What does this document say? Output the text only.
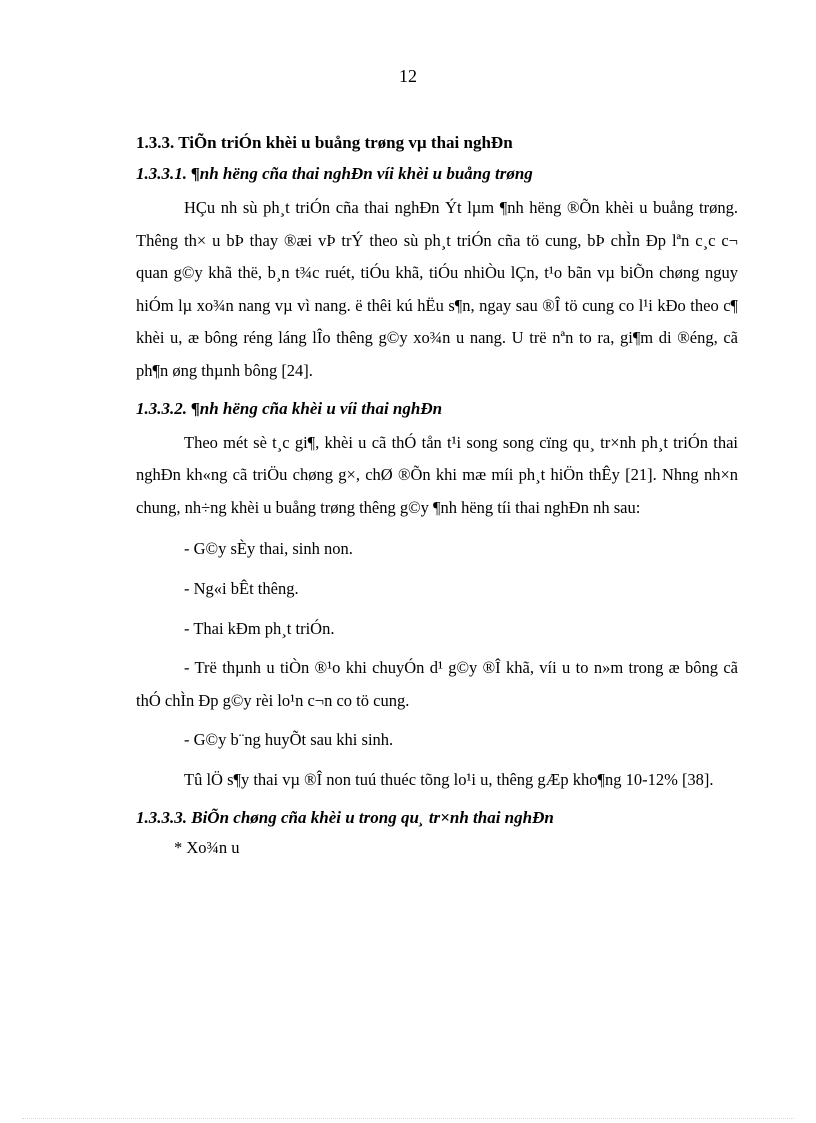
12
1.3.3. TiÕn triÓn khèi u buång trøng vµ thai nghÐn
1.3.3.1. ¶nh hëng cña thai nghÐn víi khèi u buång trøng

HÇu nh sù ph¸t triÓn cña thai nghÐn Ýt lµm ¶nh hëng ®Õn khèi u buång trøng. Thêng th× u bÞ thay ®æi vÞ trÝ theo sù ph¸t triÓn cña tö cung, bÞ chÌn Ðp lªn c¸c c¬ quan g©y khã thë, b¸n t¾c ruét, tiÓu khã, tiÓu nhiÒu lÇn, t¹o bãn vµ biÕn chøng nguy hiÓm lµ xo¾n nang vµ vì nang. ë thêi kú hËu s¶n, ngay sau ®Î tö cung co l¹i kÐo theo c¶ khèi u, æ bông réng láng lÎo thêng g©y xo¾n u nang. U trë nªn to ra, gi¶m di ®éng, cã ph¶n øng thµnh bông [24].

1.3.3.2. ¶nh hëng cña khèi u víi thai nghÐn

Theo mét sè t¸c gi¶, khèi u cã thÓ tån t¹i song song cïng qu¸ tr×nh ph¸t triÓn thai nghÐn kh«ng cã triÖu chøng g×, chØ ®Õn khi mæ míi ph¸t hiÖn thÊy [21]. Nhng nh×n chung, nh÷ng khèi u buång trøng thêng g©y ¶nh hëng tíi thai nghÐn nh sau:

- G©y sÈy thai, sinh non.

- Ng«i bÊt thêng.

- Thai kÐm ph¸t triÓn.

- Trë thµnh u tiÒn ®¹o khi chuyÓn d¹ g©y ®Î khã, víi u to n»m trong æ bông cã thÓ chÌn Ðp g©y rèi lo¹n c¬n co tö cung.

- G©y b¨ng huyÕt sau khi sinh.

Tû lÖ s¶y thai vµ ®Î non tuú thuéc tõng lo¹i u, thêng gÆp kho¶ng 10-12% [38].

1.3.3.3. BiÕn chøng cña khèi u trong qu¸ tr×nh thai nghÐn

* Xo¾n u
